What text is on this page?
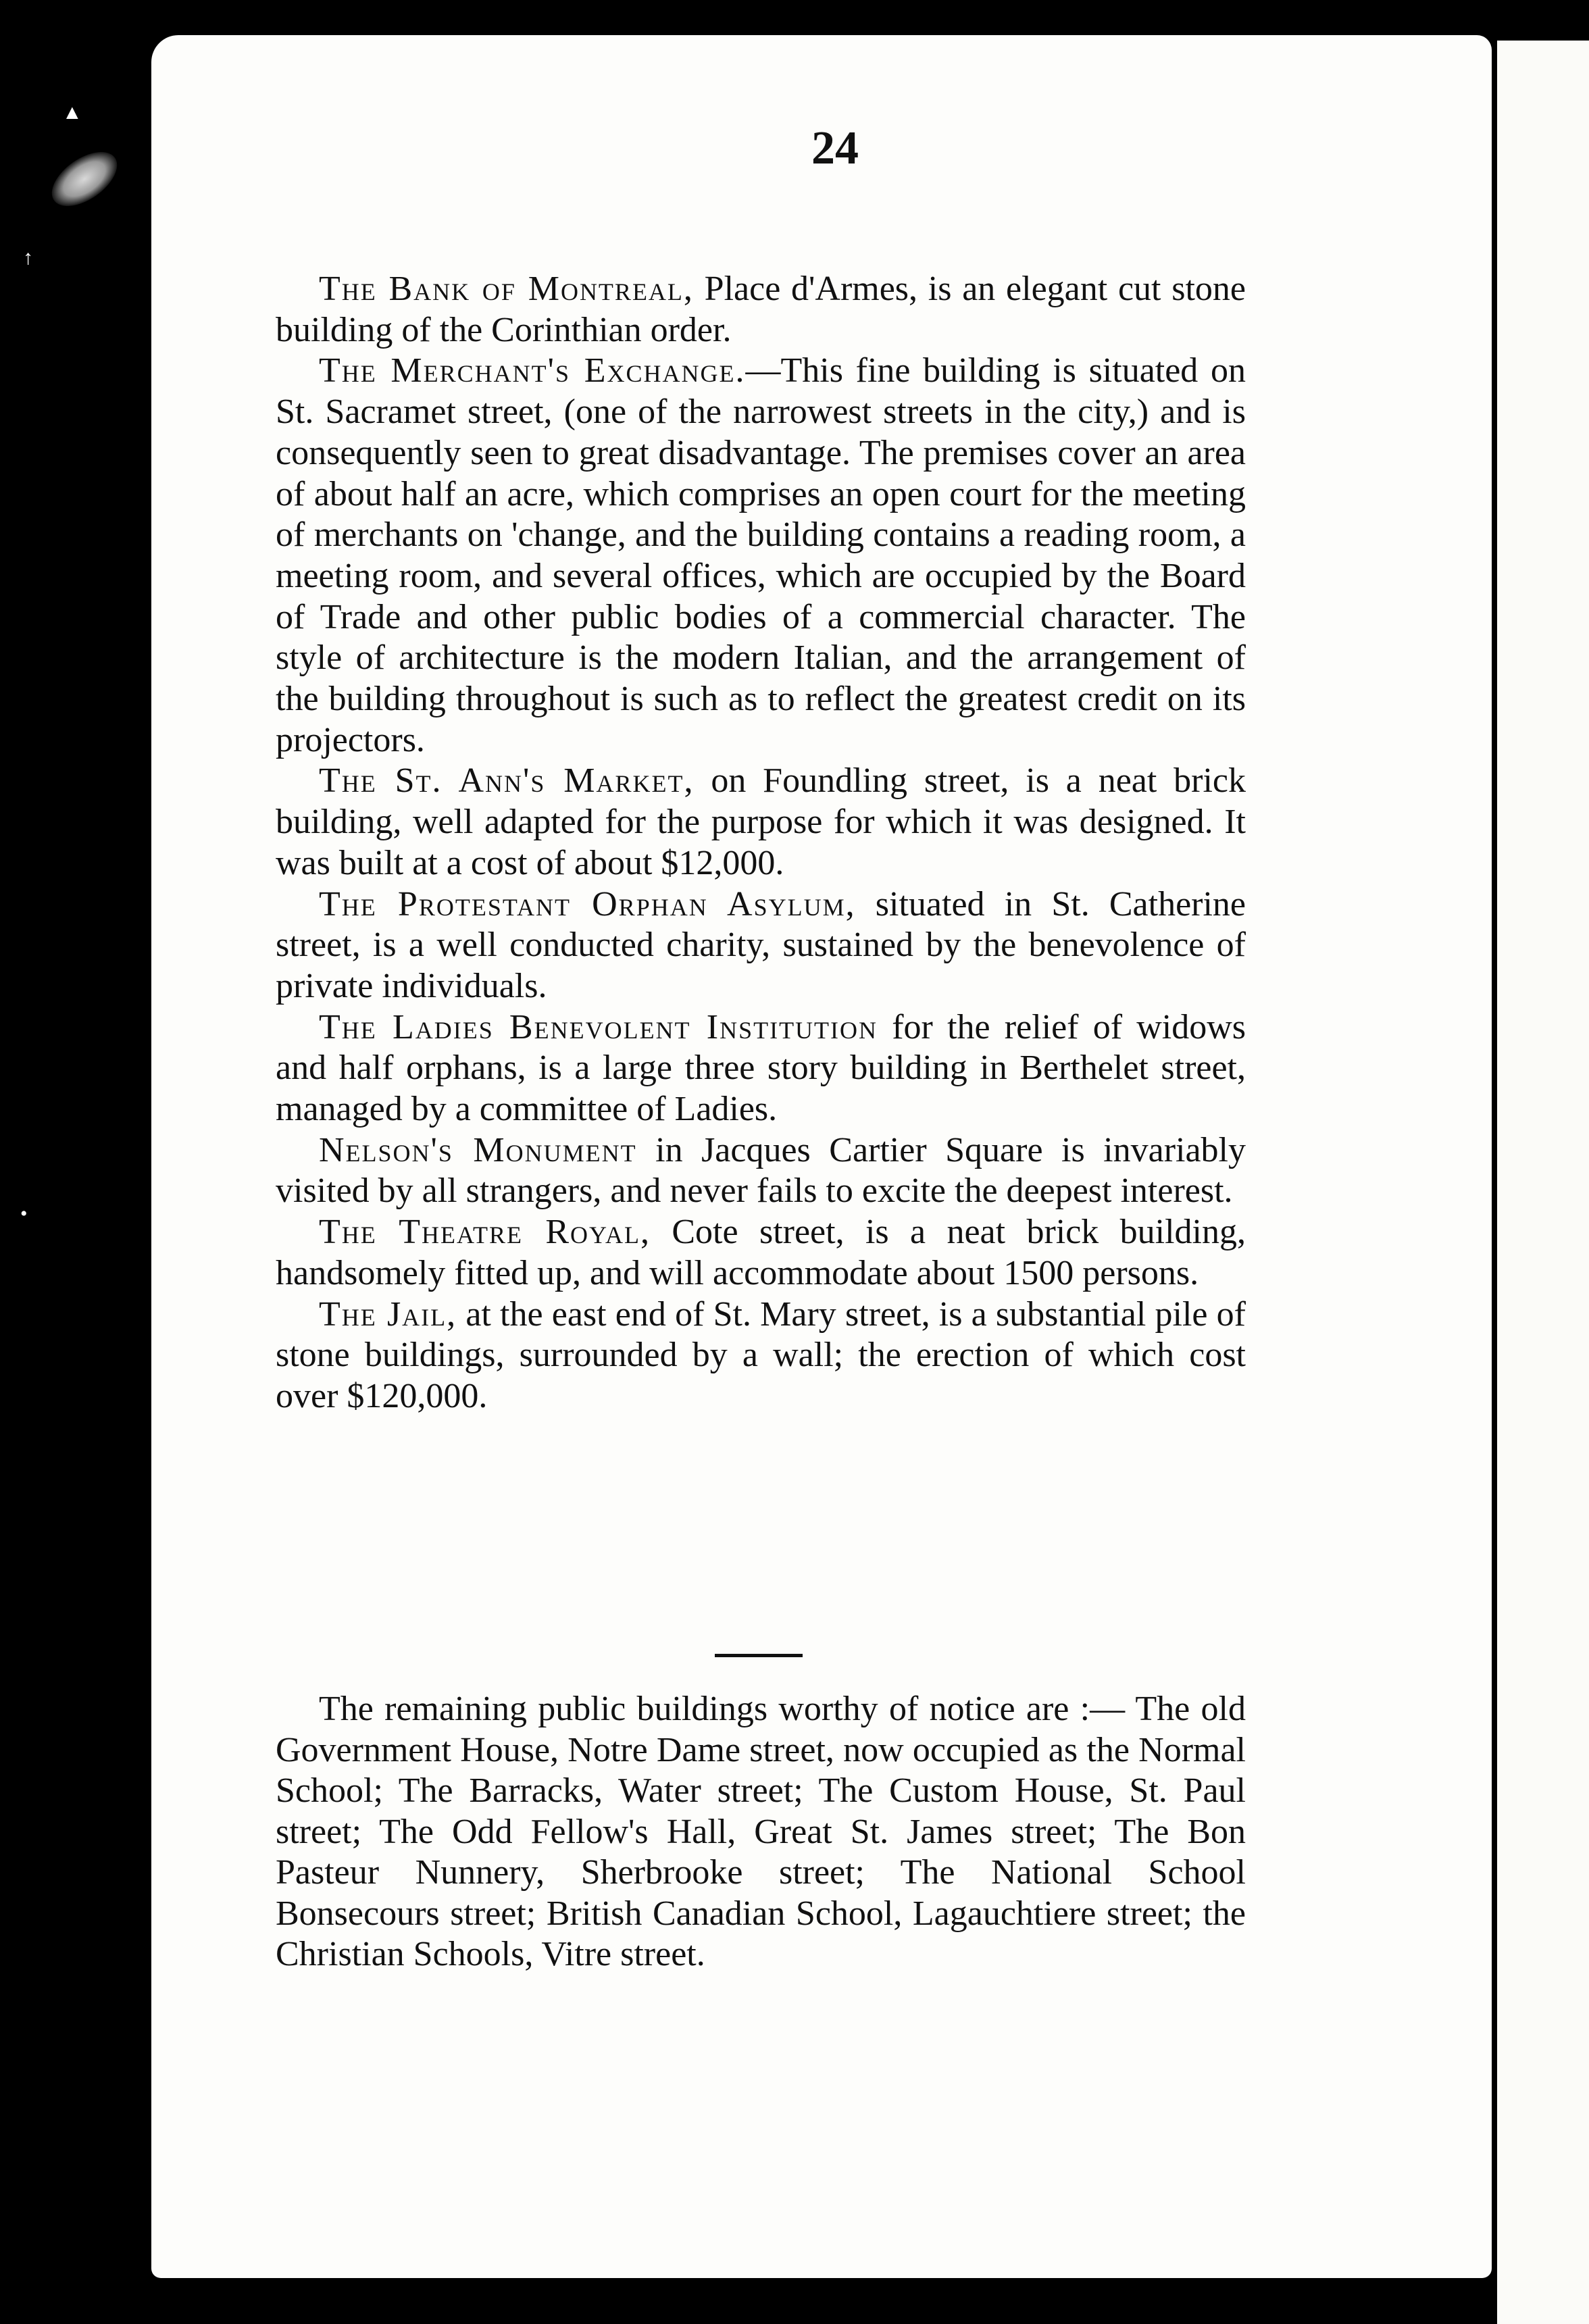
▲
↑
•
24

The Bank of Montreal, Place d'Armes, is an elegant cut stone building of the Corinthian order.

The Merchant's Exchange.—This fine building is situated on St. Sacramet street, (one of the narrowest streets in the city,) and is consequently seen to great disadvantage. The premises cover an area of about half an acre, which comprises an open court for the meeting of merchants on 'change, and the building contains a reading room, a meeting room, and several offices, which are occupied by the Board of Trade and other public bodies of a commercial character. The style of architecture is the modern Italian, and the arrangement of the building throughout is such as to reflect the greatest credit on its projectors.

The St. Ann's Market, on Foundling street, is a neat brick building, well adapted for the purpose for which it was designed. It was built at a cost of about $12,000.

The Protestant Orphan Asylum, situated in St. Catherine street, is a well conducted charity, sustained by the benevolence of private individuals.

The Ladies Benevolent Institution for the relief of widows and half orphans, is a large three story building in Berthelet street, managed by a committee of Ladies.

Nelson's Monument in Jacques Cartier Square is invariably visited by all strangers, and never fails to excite the deepest interest.

The Theatre Royal, Cote street, is a neat brick building, handsomely fitted up, and will accommodate about 1500 persons.

The Jail, at the east end of St. Mary street, is a substantial pile of stone buildings, surrounded by a wall; the erection of which cost over $120,000.

The remaining public buildings worthy of notice are :— The old Government House, Notre Dame street, now occupied as the Normal School; The Barracks, Water street; The Custom House, St. Paul street; The Odd Fellow's Hall, Great St. James street; The Bon Pasteur Nunnery, Sherbrooke street; The National School Bonsecours street; British Canadian School, Lagauchtiere street; the Christian Schools, Vitre street.
